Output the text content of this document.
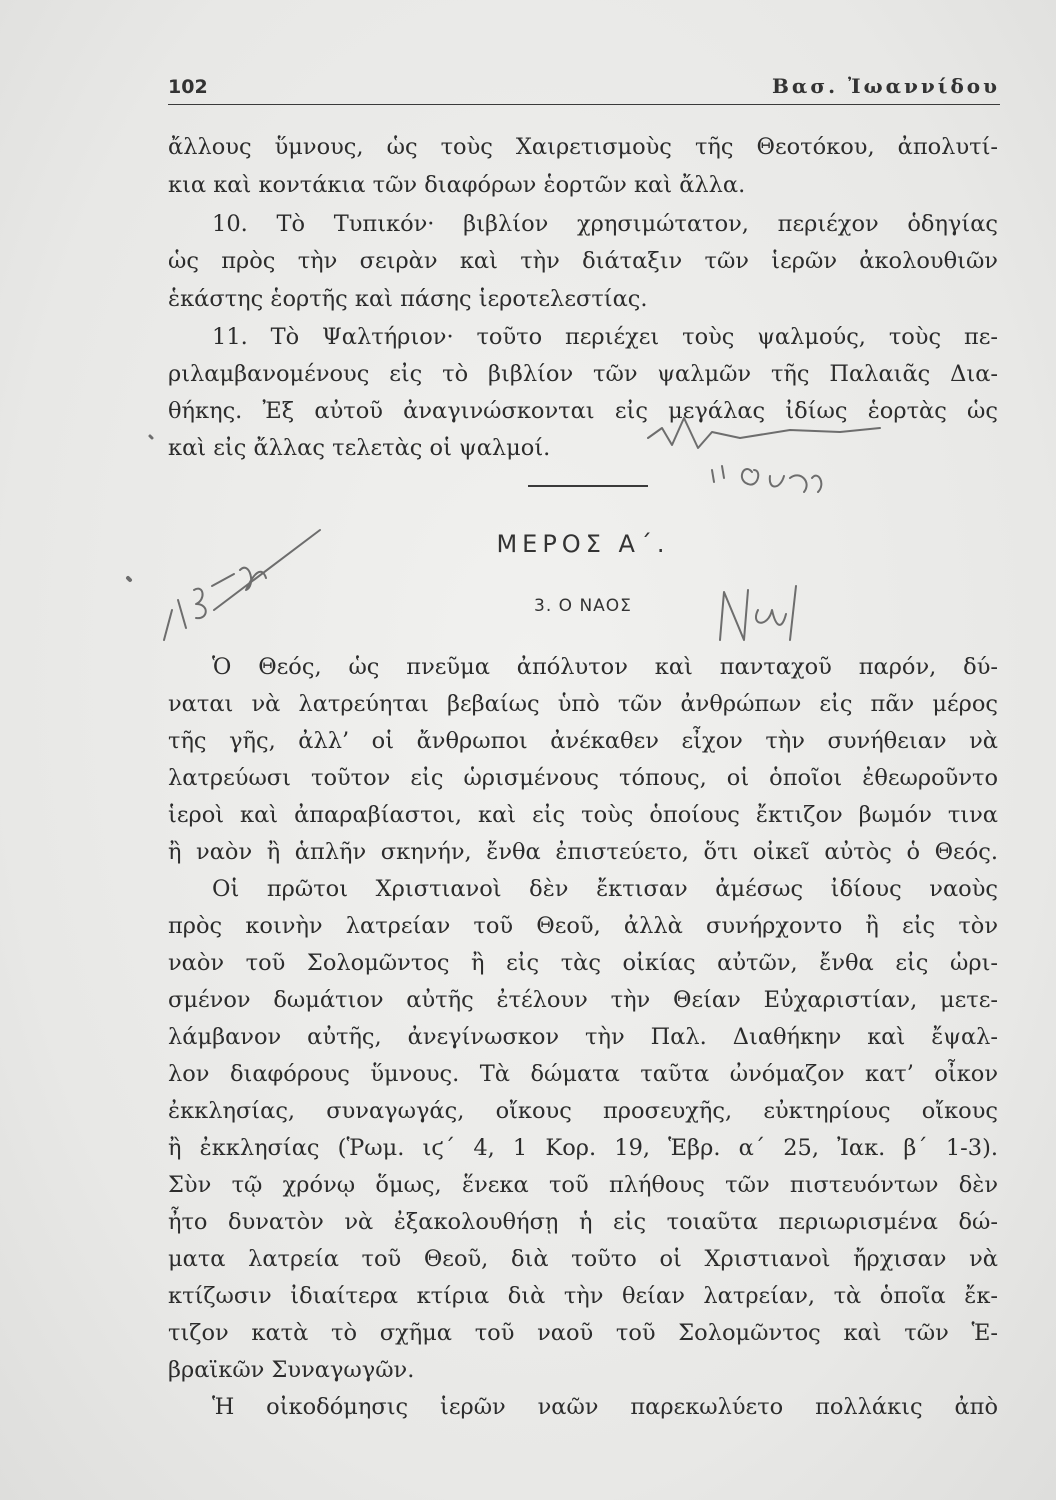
102	Βασ. Ἰωαννίδου
ἄλλους ὕμνους, ὡς τοὺς Χαιρετισμοὺς τῆς Θεοτόκου, ἀπολυτί-
κια καὶ κοντάκια τῶν διαφόρων ἑορτῶν καὶ ἄλλα.
10. Τὸ Τυπικόν· βιβλίον χρησιμώτατον, περιέχον ὁδηγίας
ὡς πρὸς τὴν σειρὰν καὶ τὴν διάταξιν τῶν ἱερῶν ἀκολουθιῶν
ἑκάστης ἑορτῆς καὶ πάσης ἱεροτελεστίας.
11. Τὸ Ψαλτήριον· τοῦτο περιέχει τοὺς ψαλμούς, τοὺς πε-
ριλαμβανομένους εἰς τὸ βιβλίον τῶν ψαλμῶν τῆς Παλαιᾶς Δια-
θήκης. Ἐξ αὐτοῦ ἀναγινώσκονται εἰς μεγάλας ἰδίως ἑορτὰς ὡς
καὶ εἰς ἄλλας τελετὰς οἱ ψαλμοί.
ΜΕΡΟΣ Α΄.
3. Ο ΝΑΟΣ
Ὁ Θεός, ὡς πνεῦμα ἀπόλυτον καὶ πανταχοῦ παρόν, δύ-
ναται νὰ λατρεύηται βεβαίως ὑπὸ τῶν ἀνθρώπων εἰς πᾶν μέρος
τῆς γῆς, ἀλλ’ οἱ ἄνθρωποι ἀνέκαθεν εἶχον τὴν συνήθειαν νὰ
λατρεύωσι τοῦτον εἰς ὡρισμένους τόπους, οἱ ὁποῖοι ἐθεωροῦντο
ἱεροὶ καὶ ἀπαραβίαστοι, καὶ εἰς τοὺς ὁποίους ἔκτιζον βωμόν τινα
ἢ ναὸν ἢ ἁπλῆν σκηνήν, ἔνθα ἐπιστεύετο, ὅτι οἰκεῖ αὐτὸς ὁ Θεός.
Οἱ πρῶτοι Χριστιανοὶ δὲν ἔκτισαν ἀμέσως ἰδίους ναοὺς
πρὸς κοινὴν λατρείαν τοῦ Θεοῦ, ἀλλὰ συνήρχοντο ἢ εἰς τὸν
ναὸν τοῦ Σολομῶντος ἢ εἰς τὰς οἰκίας αὐτῶν, ἔνθα εἰς ὡρι-
σμένον δωμάτιον αὐτῆς ἐτέλουν τὴν Θείαν Εὐχαριστίαν, μετε-
λάμβανον αὐτῆς, ἀνεγίνωσκον τὴν Παλ. Διαθήκην καὶ ἔψαλ-
λον διαφόρους ὕμνους. Τὰ δώματα ταῦτα ὠνόμαζον κατ’ οἶκον
ἐκκλησίας, συναγωγάς, οἴκους προσευχῆς, εὐκτηρίους οἴκους
ἢ ἐκκλησίας (Ῥωμ. ιϛ΄ 4, 1 Κορ. 19, Ἑβρ. α΄ 25, Ἰακ. β΄ 1-3).
Σὺν τῷ χρόνῳ ὅμως, ἕνεκα τοῦ πλήθους τῶν πιστευόντων δὲν
ἦτο δυνατὸν νὰ ἐξακολουθήσῃ ἡ εἰς τοιαῦτα περιωρισμένα δώ-
ματα λατρεία τοῦ Θεοῦ, διὰ τοῦτο οἱ Χριστιανοὶ ἤρχισαν νὰ
κτίζωσιν ἰδιαίτερα κτίρια διὰ τὴν θείαν λατρείαν, τὰ ὁποῖα ἔκ-
τιζον κατὰ τὸ σχῆμα τοῦ ναοῦ τοῦ Σολομῶντος καὶ τῶν Ἑ-
βραϊκῶν Συναγωγῶν.
Ἡ οἰκοδόμησις ἱερῶν ναῶν παρεκωλύετο πολλάκις ἀπὸ
